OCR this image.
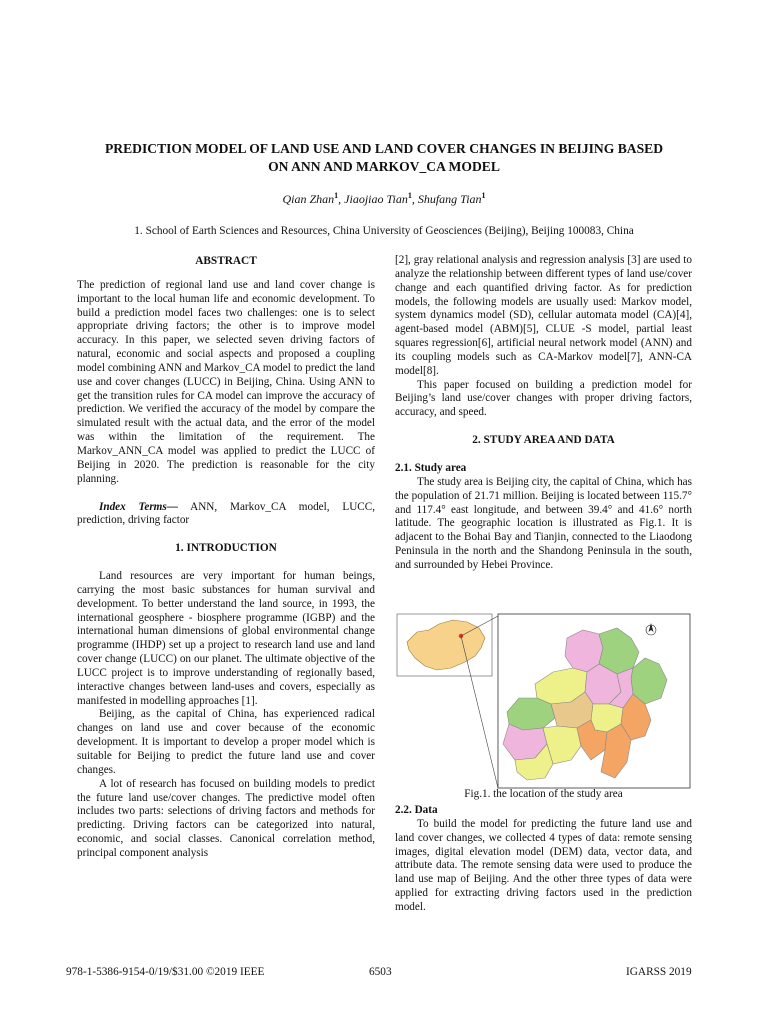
PREDICTION MODEL OF LAND USE AND LAND COVER CHANGES IN BEIJING BASED
ON ANN AND MARKOV_CA MODEL
Qian Zhan$^1$, Jiaojiao Tian$^1$, Shufang Tian$^1$
1. School of Earth Sciences and Resources, China University of Geosciences (Beijing), Beijing 100083, China
ABSTRACT

The prediction of regional land use and land cover change is important to the local human life and economic development. To build a prediction model faces two challenges: one is to select appropriate driving factors; the other is to improve model accuracy. In this paper, we selected seven driving factors of natural, economic and social aspects and proposed a coupling model combining ANN and Markov_CA model to predict the land use and cover changes (LUCC) in Beijing, China. Using ANN to get the transition rules for CA model can improve the accuracy of prediction. We verified the accuracy of the model by compare the simulated result with the actual data, and the error of the model was within the limitation of the requirement. The Markov_ANN_CA model was applied to predict the LUCC of Beijing in 2020. The prediction is reasonable for the city planning.

Index Terms— ANN, Markov_CA model, LUCC, prediction, driving factor

1. INTRODUCTION

Land resources are very important for human beings, carrying the most basic substances for human survival and development. To better understand the land source, in 1993, the international geosphere - biosphere programme (IGBP) and the international human dimensions of global environmental change programme (IHDP) set up a project to research land use and land cover change (LUCC) on our planet. The ultimate objective of the LUCC project is to improve understanding of regionally based, interactive changes between land-uses and covers, especially as manifested in modelling approaches [1].

Beijing, as the capital of China, has experienced radical changes on land use and cover because of the economic development. It is important to develop a proper model which is suitable for Beijing to predict the future land use and cover changes.

A lot of research has focused on building models to predict the future land use/cover changes. The predictive model often includes two parts: selections of driving factors and methods for predicting. Driving factors can be categorized into natural, economic, and social classes. Canonical correlation method, principal component analysis

[2], gray relational analysis and regression analysis [3] are used to analyze the relationship between different types of land use/cover change and each quantified driving factor. As for prediction models, the following models are usually used: Markov model, system dynamics model (SD), cellular automata model (CA)[4], agent-based model (ABM)[5], CLUE -S model, partial least squares regression[6], artificial neural network model (ANN) and its coupling models such as CA-Markov model[7], ANN-CA model[8].

This paper focused on building a prediction model for Beijing’s land use/cover changes with proper driving factors, accuracy, and speed.

2. STUDY AREA AND DATA
2.1. Study area

The study area is Beijing city, the capital of China, which has the population of 21.71 million. Beijing is located between 115.7° and 117.4° east longitude, and between 39.4° and 41.6° north latitude. The geographic location is illustrated as Fig.1. It is adjacent to the Bohai Bay and Tianjin, connected to the Liaodong Peninsula in the north and the Shandong Peninsula in the south, and surrounded by Hebei Province.

Fig.1. the location of the study area
2.2. Data

To build the model for predicting the future land use and land cover changes, we collected 4 types of data: remote sensing images, digital elevation model (DEM) data, vector data, and attribute data. The remote sensing data were used to produce the land use map of Beijing. And the other three types of data were applied for extracting driving factors used in the prediction model.

978-1-5386-9154-0/19/$31.00 ©2019 IEEE	6503	IGARSS 2019
